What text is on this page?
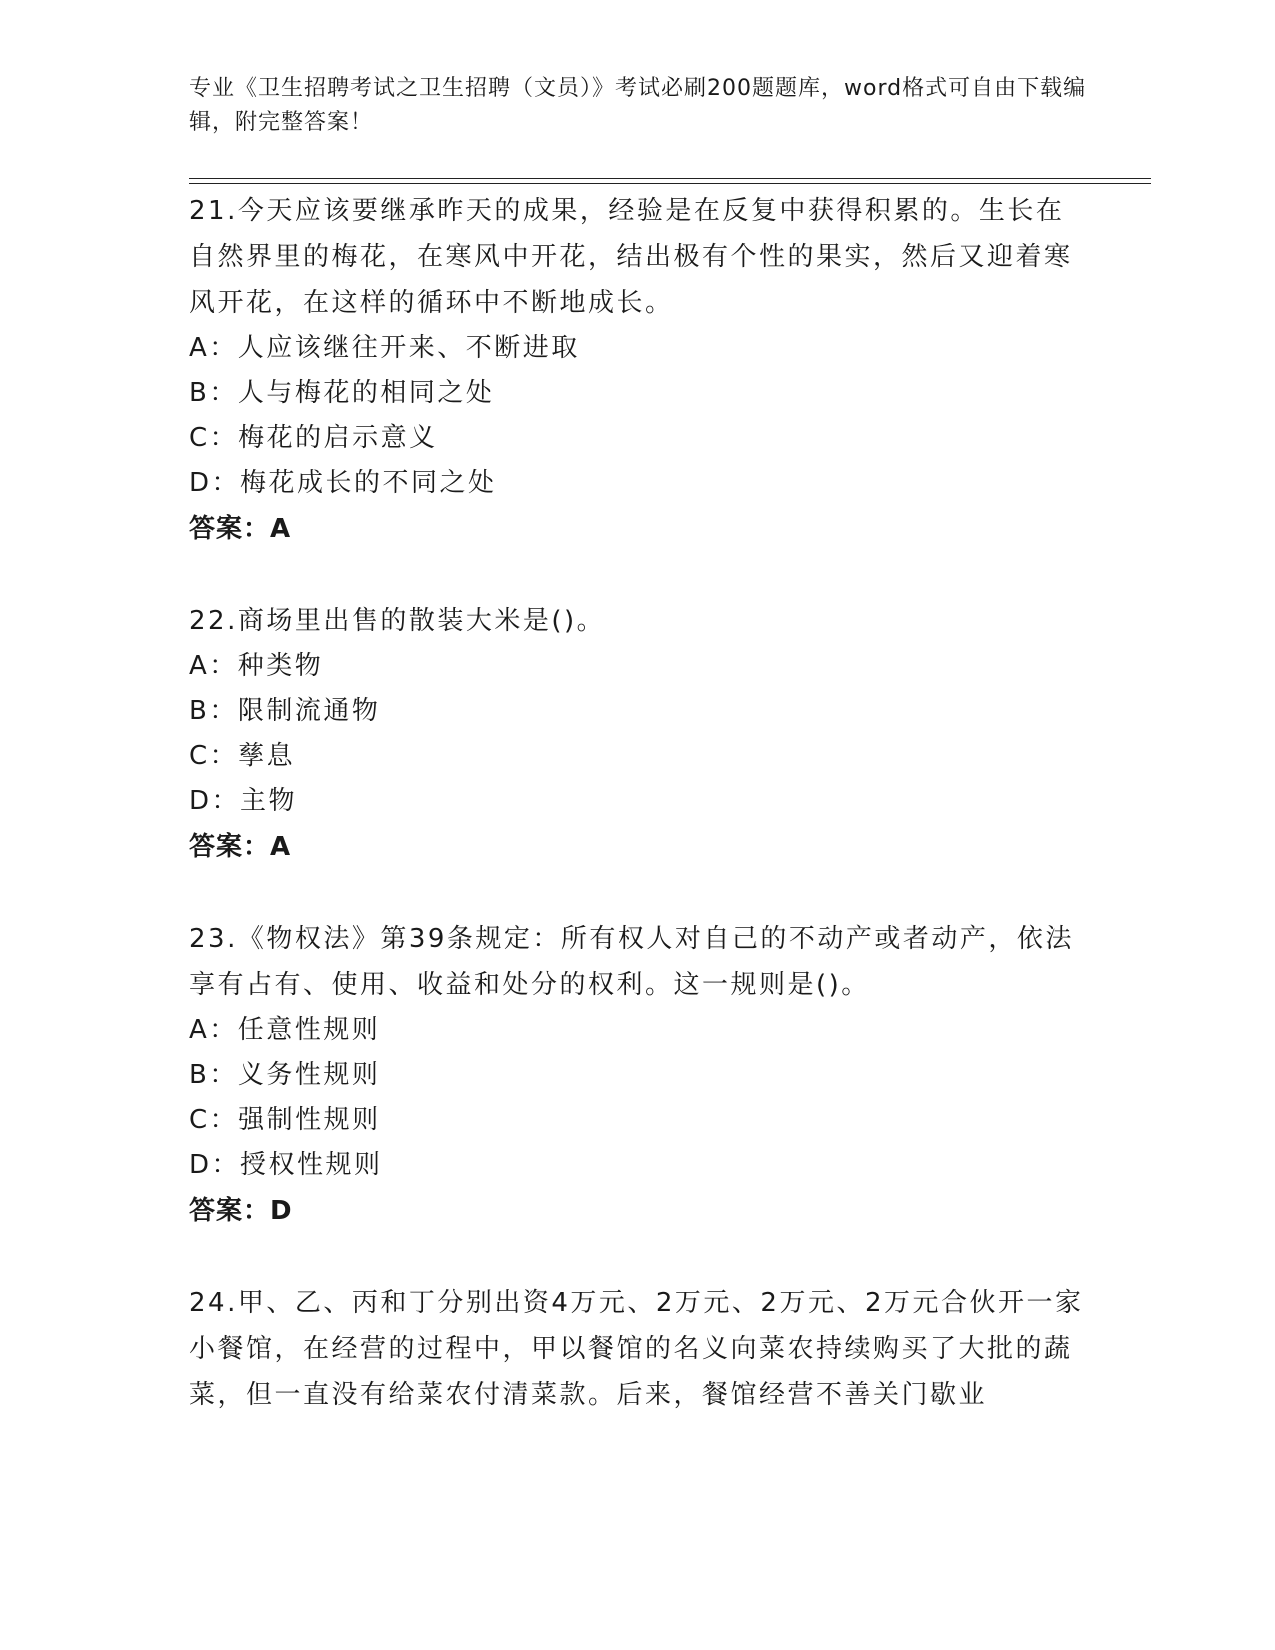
专业《卫生招聘考试之卫生招聘（文员）》考试必刷200题题库，word格式可自由下载编辑，附完整答案！

21.今天应该要继承昨天的成果，经验是在反复中获得积累的。生长在自然界里的梅花，在寒风中开花，结出极有个性的果实，然后又迎着寒风开花，在这样的循环中不断地成长。

A：人应该继往开来、不断进取

B：人与梅花的相同之处

C：梅花的启示意义

D：梅花成长的不同之处

答案：A

22.商场里出售的散装大米是()。

A：种类物

B：限制流通物

C：孳息

D：主物

答案：A

23.《物权法》第39条规定：所有权人对自己的不动产或者动产，依法享有占有、使用、收益和处分的权利。这一规则是()。

A：任意性规则

B：义务性规则

C：强制性规则

D：授权性规则

答案：D

24.甲、乙、丙和丁分别出资4万元、2万元、2万元、2万元合伙开一家小餐馆，在经营的过程中，甲以餐馆的名义向菜农持续购买了大批的蔬菜，但一直没有给菜农付清菜款。后来，餐馆经营不善关门歇业
